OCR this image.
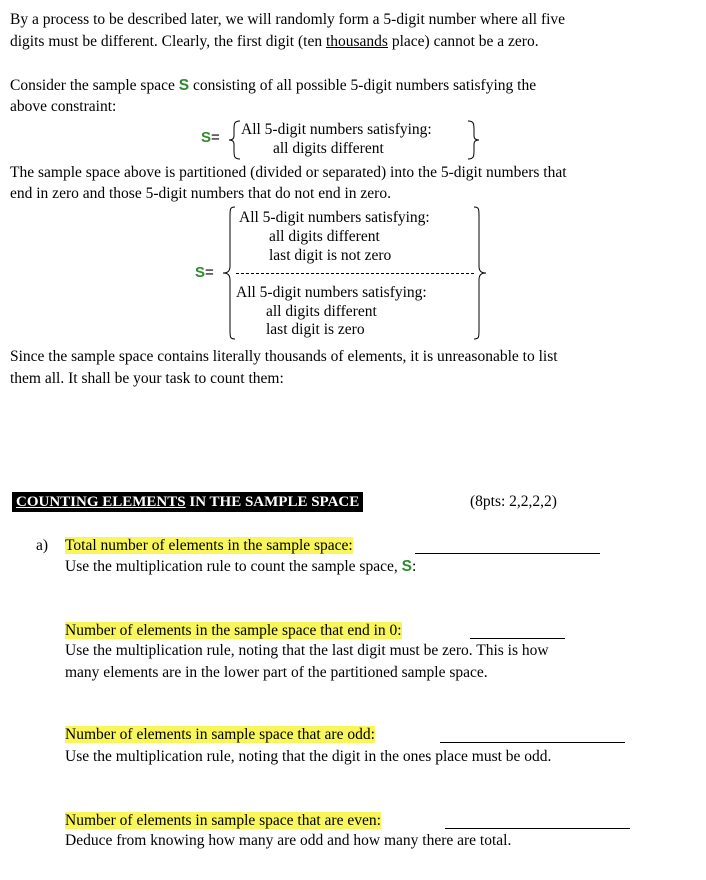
By a process to be described later, we will randomly form a 5-digit number where all five
digits must be different. Clearly, the first digit (ten thousands place) cannot be a zero.
Consider the sample space S consisting of all possible 5-digit numbers satisfying the
above constraint:
S= All 5-digit numbers satisfying:
all digits different
The sample space above is partitioned (divided or separated) into the 5-digit numbers that
end in zero and those 5-digit numbers that do not end in zero.
S=
All 5-digit numbers satisfying:
all digits different
last digit is not zero
All 5-digit numbers satisfying:
all digits different
last digit is zero
Since the sample space contains literally thousands of elements, it is unreasonable to list
them all. It shall be your task to count them:
COUNTING ELEMENTS IN THE SAMPLE SPACE	(8pts: 2,2,2,2)
a) Total number of elements in the sample space:
Use the multiplication rule to count the sample space, S:
Number of elements in the sample space that end in 0:
Use the multiplication rule, noting that the last digit must be zero. This is how
many elements are in the lower part of the partitioned sample space.
Number of elements in sample space that are odd:
Use the multiplication rule, noting that the digit in the ones place must be odd.
Number of elements in sample space that are even:
Deduce from knowing how many are odd and how many there are total.
